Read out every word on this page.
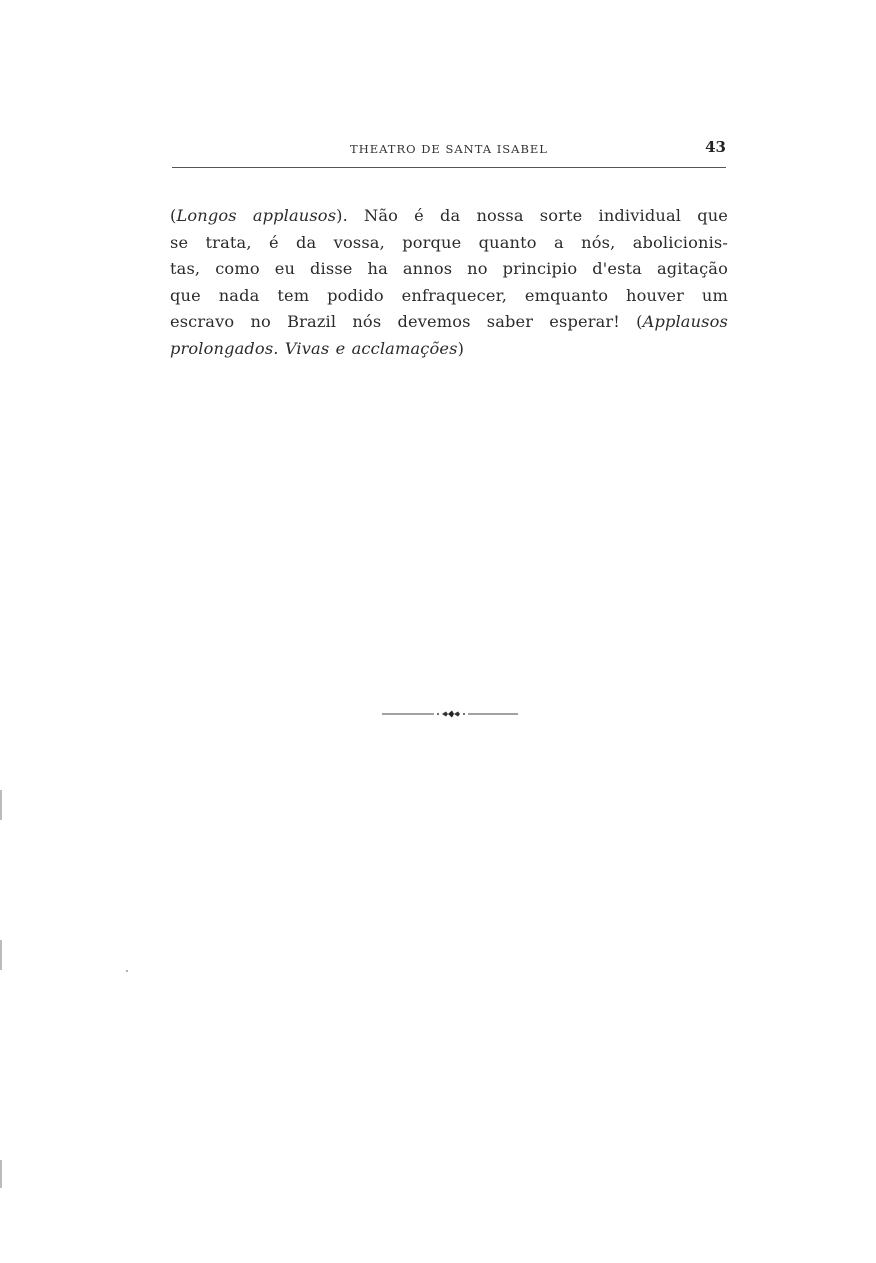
THEATRO DE SANTA ISABEL	43
(Longos applausos). Não é da nossa sorte individual que
se trata, é da vossa, porque quanto a nós, abolicionis-
tas, como eu disse ha annos no principio d'esta agitação
que nada tem podido enfraquecer, emquanto houver um
escravo no Brazil nós devemos saber esperar! (Applausos
prolongados. Vivas e acclamações)
